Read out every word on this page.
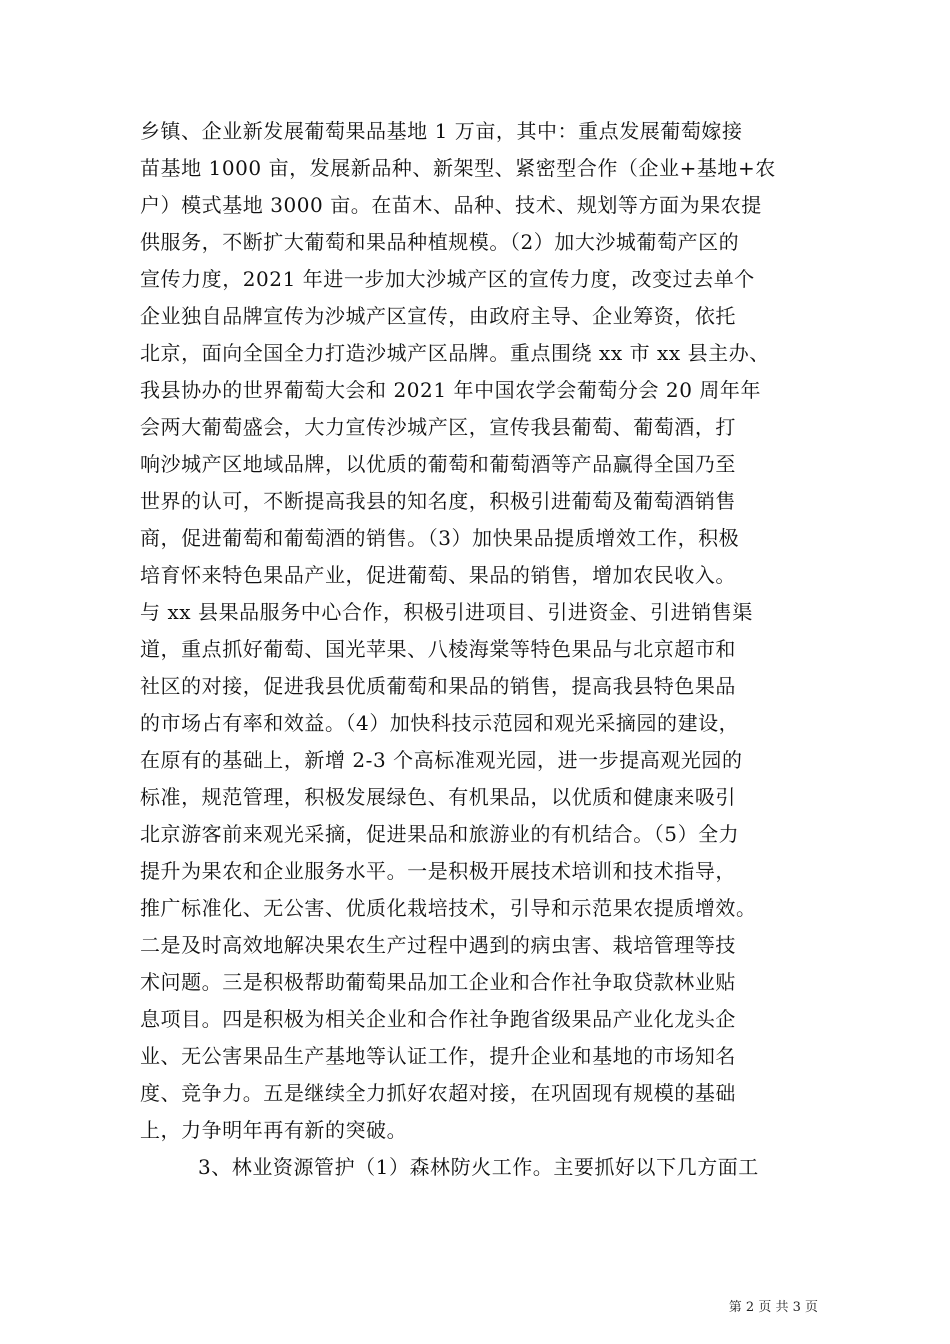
乡镇、企业新发展葡萄果品基地 1 万亩，其中：重点发展葡萄嫁接
苗基地 1000 亩，发展新品种、新架型、紧密型合作（企业+基地+农
户）模式基地 3000 亩。在苗木、品种、技术、规划等方面为果农提
供服务，不断扩大葡萄和果品种植规模。（2）加大沙城葡萄产区的
宣传力度，2021 年进一步加大沙城产区的宣传力度，改变过去单个
企业独自品牌宣传为沙城产区宣传，由政府主导、企业筹资，依托
北京，面向全国全力打造沙城产区品牌。重点围绕 xx 市 xx 县主办、
我县协办的世界葡萄大会和 2021 年中国农学会葡萄分会 20 周年年
会两大葡萄盛会，大力宣传沙城产区，宣传我县葡萄、葡萄酒，打
响沙城产区地域品牌，以优质的葡萄和葡萄酒等产品赢得全国乃至
世界的认可，不断提高我县的知名度，积极引进葡萄及葡萄酒销售
商，促进葡萄和葡萄酒的销售。（3）加快果品提质增效工作，积极
培育怀来特色果品产业，促进葡萄、果品的销售，增加农民收入。
与 xx 县果品服务中心合作，积极引进项目、引进资金、引进销售渠
道，重点抓好葡萄、国光苹果、八棱海棠等特色果品与北京超市和
社区的对接，促进我县优质葡萄和果品的销售，提高我县特色果品
的市场占有率和效益。（4）加快科技示范园和观光采摘园的建设，
在原有的基础上，新增 2-3 个高标准观光园，进一步提高观光园的
标准，规范管理，积极发展绿色、有机果品，以优质和健康来吸引
北京游客前来观光采摘，促进果品和旅游业的有机结合。（5）全力
提升为果农和企业服务水平。一是积极开展技术培训和技术指导，
推广标准化、无公害、优质化栽培技术，引导和示范果农提质增效。
二是及时高效地解决果农生产过程中遇到的病虫害、栽培管理等技
术问题。三是积极帮助葡萄果品加工企业和合作社争取贷款林业贴
息项目。四是积极为相关企业和合作社争跑省级果品产业化龙头企
业、无公害果品生产基地等认证工作，提升企业和基地的市场知名
度、竞争力。五是继续全力抓好农超对接，在巩固现有规模的基础
上，力争明年再有新的突破。
3、林业资源管护（1）森林防火工作。主要抓好以下几方面工
第 2 页 共 3 页
